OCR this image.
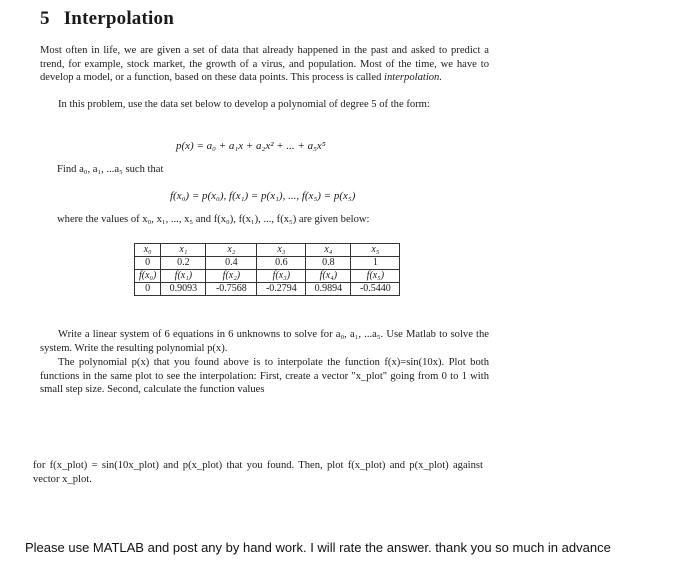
5 Interpolation
Most often in life, we are given a set of data that already happened in the past and asked to predict a trend, for example, stock market, the growth of a virus, and population. Most of the time, we have to develop a model, or a function, based on these data points. This process is called interpolation.
In this problem, use the data set below to develop a polynomial of degree 5 of the form:
p(x) = a₀ + a₁x + a₂x² + ... + a₅x⁵
Find a₀, a₁, ...a₅ such that
f(x₀) = p(x₀), f(x₁) = p(x₁), ..., f(x₅) = p(x₅)
where the values of x₀, x₁, ..., x₅ and f(x₀), f(x₁), ..., f(x₅) are given below:
x₀	x₁	x₂	x₃	x₄	x₅
0	0.2	0.4	0.6	0.8	1
f(x₀)	f(x₁)	f(x₂)	f(x₃)	f(x₄)	f(x₅)
0	0.9093	-0.7568	-0.2794	0.9894	-0.5440
Write a linear system of 6 equations in 6 unknowns to solve for a₀, a₁, ...a₅. Use Matlab to solve the system. Write the resulting polynomial p(x).
The polynomial p(x) that you found above is to interpolate the function f(x)=sin(10x). Plot both functions in the same plot to see the interpolation: First, create a vector "x_plot" going from 0 to 1 with small step size. Second, calculate the function values
for f(x_plot) = sin(10x_plot) and p(x_plot) that you found. Then, plot f(x_plot) and p(x_plot) against vector x_plot.
Please use MATLAB and post any by hand work. I will rate the answer. thank you so much in advance
